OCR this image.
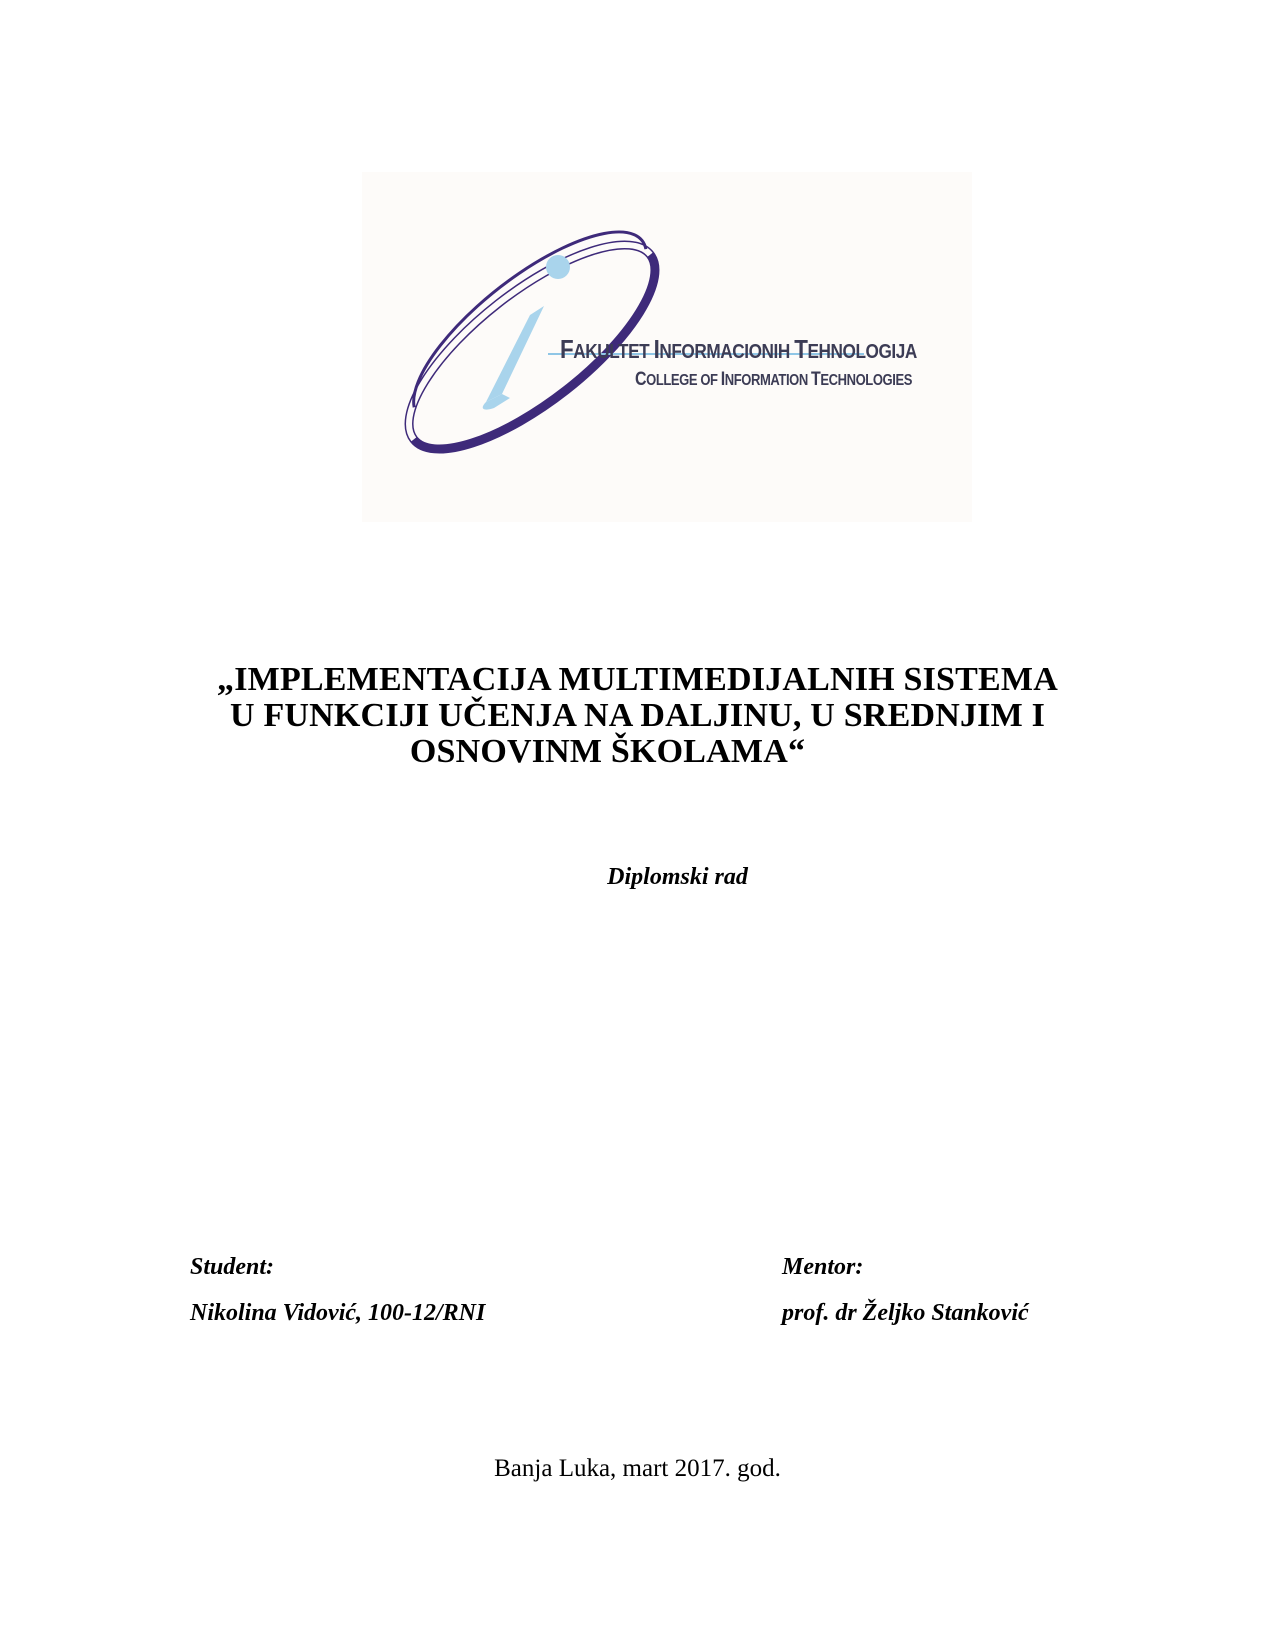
FAKULTET INFORMACIONIH TEHNOLOGIJA
COLLEGE OF INFORMATION TECHNOLOGIES
„IMPLEMENTACIJA MULTIMEDIJALNIH SISTEMA
U FUNKCIJI UČENJA NA DALJINU, U SREDNJIM I
OSNOVINM ŠKOLAMA“
Diplomski rad
Student:
Nikolina Vidović, 100-12/RNI
Mentor:
prof. dr Željko Stanković
Banja Luka, mart 2017. god.
